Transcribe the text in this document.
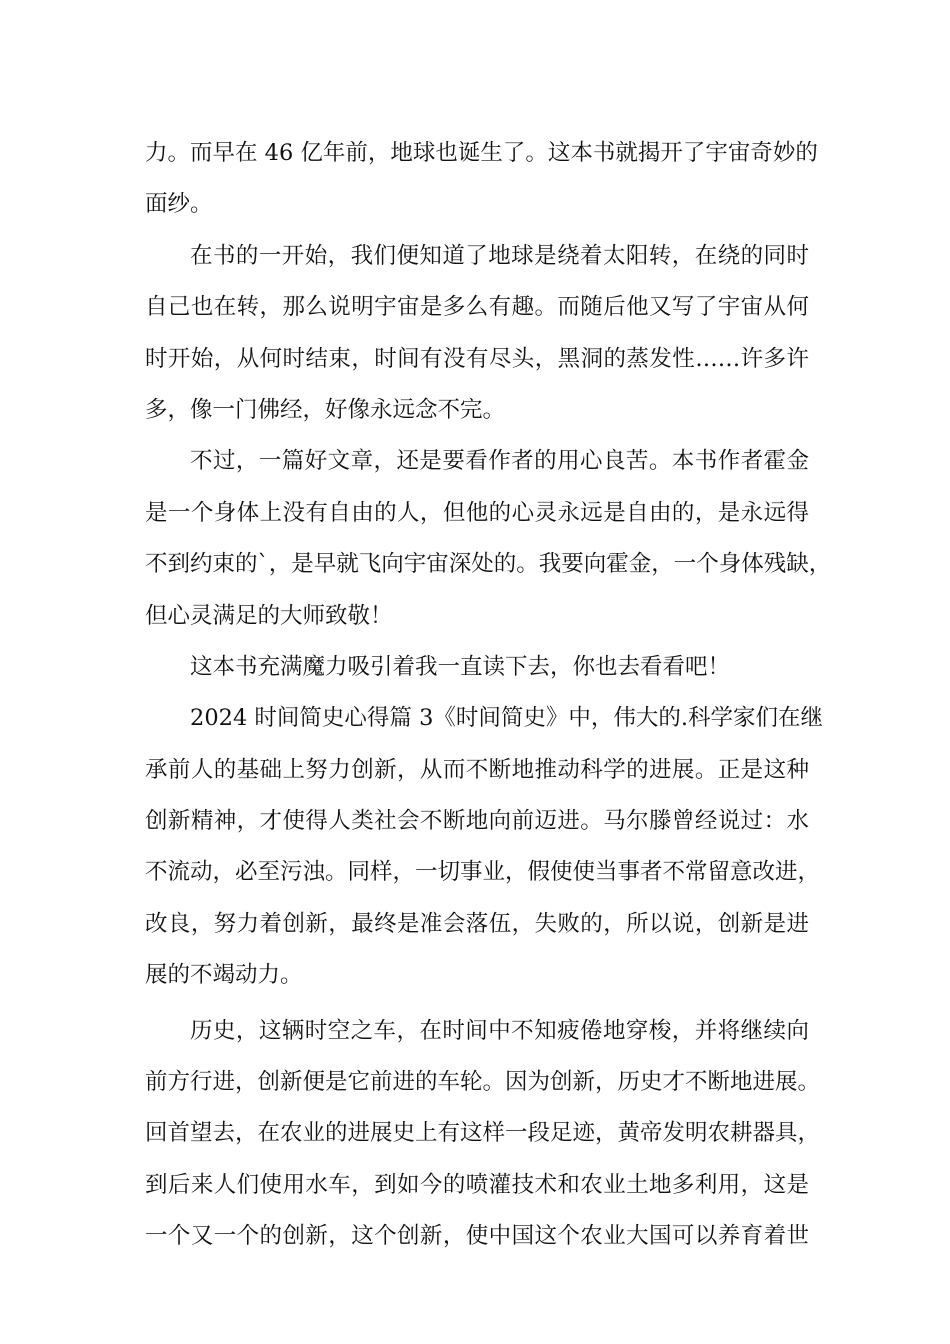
力。而早在 46 亿年前，地球也诞生了。这本书就揭开了宇宙奇妙的
面纱。
在书的一开始，我们便知道了地球是绕着太阳转，在绕的同时
自己也在转，那么说明宇宙是多么有趣。而随后他又写了宇宙从何
时开始，从何时结束，时间有没有尽头，黑洞的蒸发性……许多许
多，像一门佛经，好像永远念不完。
不过，一篇好文章，还是要看作者的用心良苦。本书作者霍金
是一个身体上没有自由的人，但他的心灵永远是自由的，是永远得
不到约束的`，是早就飞向宇宙深处的。我要向霍金，一个身体残缺，
但心灵满足的大师致敬！
这本书充满魔力吸引着我一直读下去，你也去看看吧！
2024 时间简史心得篇 3《时间简史》中，伟大的.科学家们在继
承前人的基础上努力创新，从而不断地推动科学的进展。正是这种
创新精神，才使得人类社会不断地向前迈进。马尔滕曾经说过：水
不流动，必至污浊。同样，一切事业，假使使当事者不常留意改进，
改良，努力着创新，最终是准会落伍，失败的，所以说，创新是进
展的不竭动力。
历史，这辆时空之车，在时间中不知疲倦地穿梭，并将继续向
前方行进，创新便是它前进的车轮。因为创新，历史才不断地进展。
回首望去，在农业的进展史上有这样一段足迹，黄帝发明农耕器具，
到后来人们使用水车，到如今的喷灌技术和农业土地多利用，这是
一个又一个的创新，这个创新，使中国这个农业大国可以养育着世
